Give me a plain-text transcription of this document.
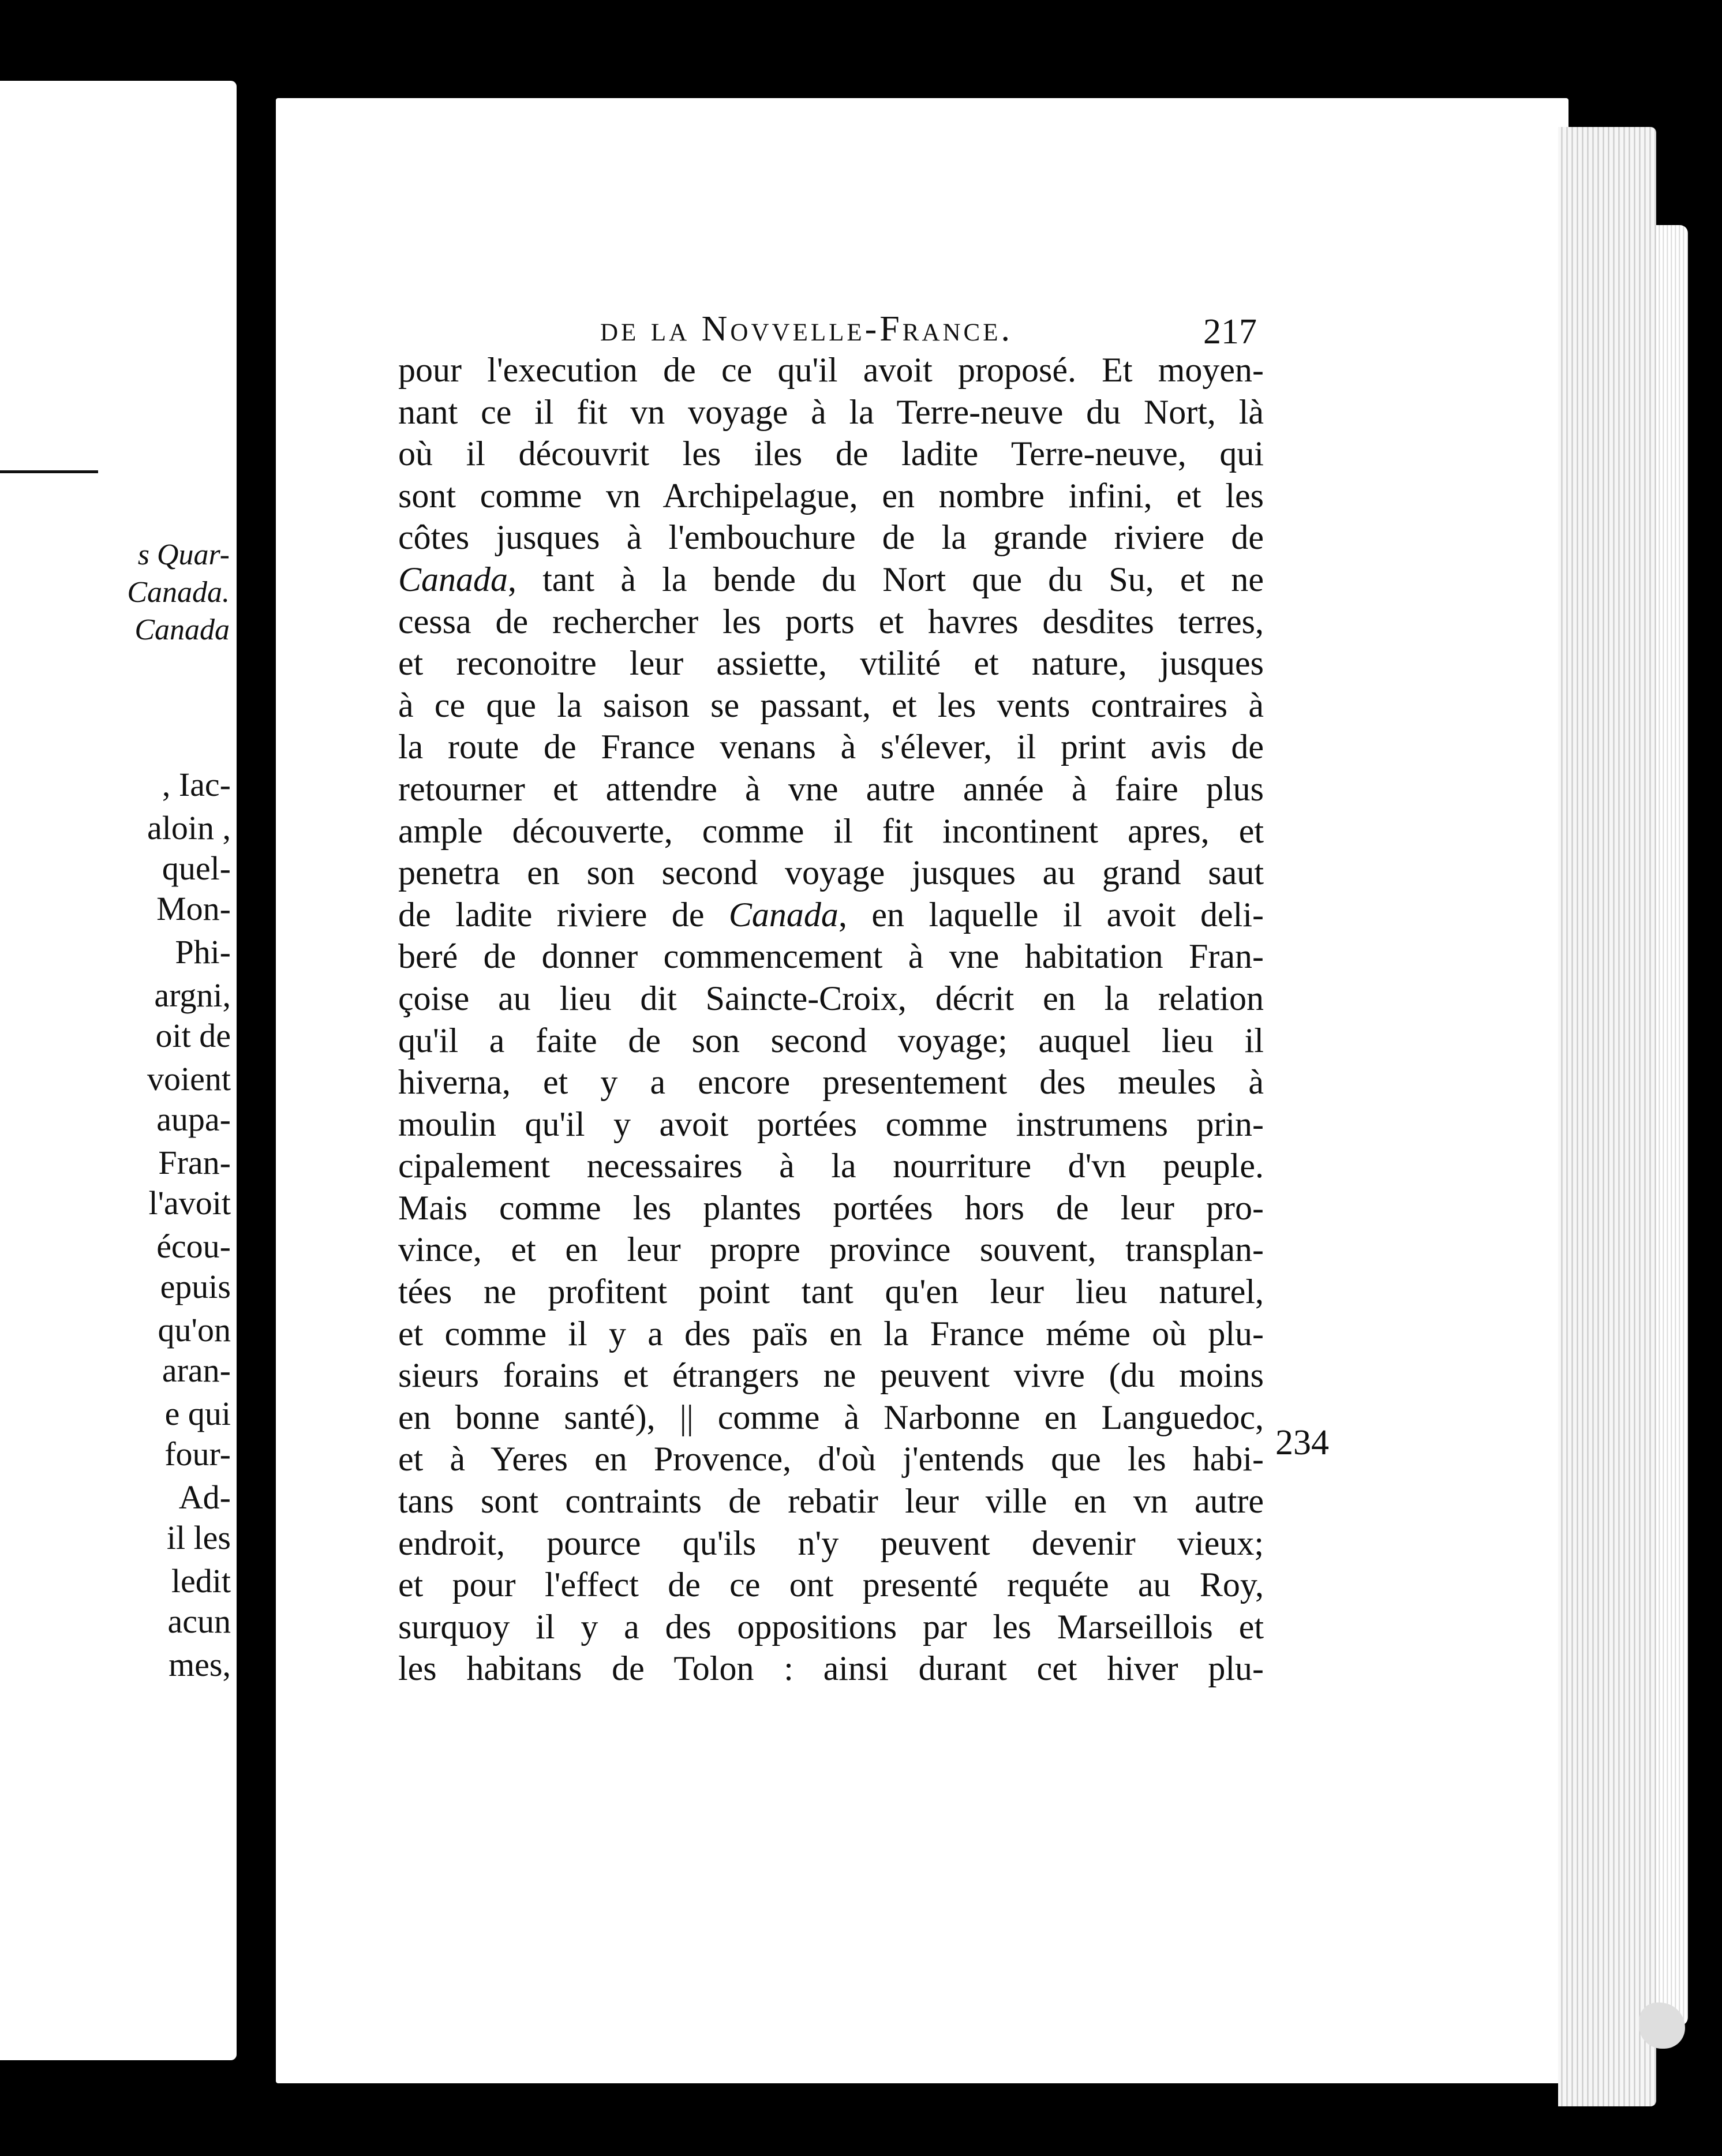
s Quar-
Canada.
Canada
, Iac-
aloin ,
quel-
Mon-
Phi-
argni,
oit de
voient
aupa-
Fran-
l'avoit
écou-
epuis
qu'on
aran-
e qui
four-
Ad-
il les
ledit
acun
mes,
de la Novvelle-France.	217
pour l'execution de ce qu'il avoit proposé. Et moyen-
nant ce il fit vn voyage à la Terre-neuve du Nort, là
où il découvrit les iles de ladite Terre-neuve, qui
sont comme vn Archipelague, en nombre infini, et les
côtes jusques à l'embouchure de la grande riviere de
Canada, tant à la bende du Nort que du Su, et ne
cessa de rechercher les ports et havres desdites terres,
et reconoitre leur assiette, vtilité et nature, jusques
à ce que la saison se passant, et les vents contraires à
la route de France venans à s'élever, il print avis de
retourner et attendre à vne autre année à faire plus
ample découverte, comme il fit incontinent apres, et
penetra en son second voyage jusques au grand saut
de ladite riviere de Canada, en laquelle il avoit deli-
beré de donner commencement à vne habitation Fran-
çoise au lieu dit Saincte-Croix, décrit en la relation
qu'il a faite de son second voyage; auquel lieu il
hiverna, et y a encore presentement des meules à
moulin qu'il y avoit portées comme instrumens prin-
cipalement necessaires à la nourriture d'vn peuple.
Mais comme les plantes portées hors de leur pro-
vince, et en leur propre province souvent, transplan-
tées ne profitent point tant qu'en leur lieu naturel,
et comme il y a des païs en la France méme où plu-
sieurs forains et étrangers ne peuvent vivre (du moins
en bonne santé), || comme à Narbonne en Languedoc,
et à Yeres en Provence, d'où j'entends que les habi-
tans sont contraints de rebatir leur ville en vn autre
endroit, pource qu'ils n'y peuvent devenir vieux;
et pour l'effect de ce ont presenté requéte au Roy,
surquoy il y a des oppositions par les Marseillois et
les habitans de Tolon : ainsi durant cet hiver plu-
234
